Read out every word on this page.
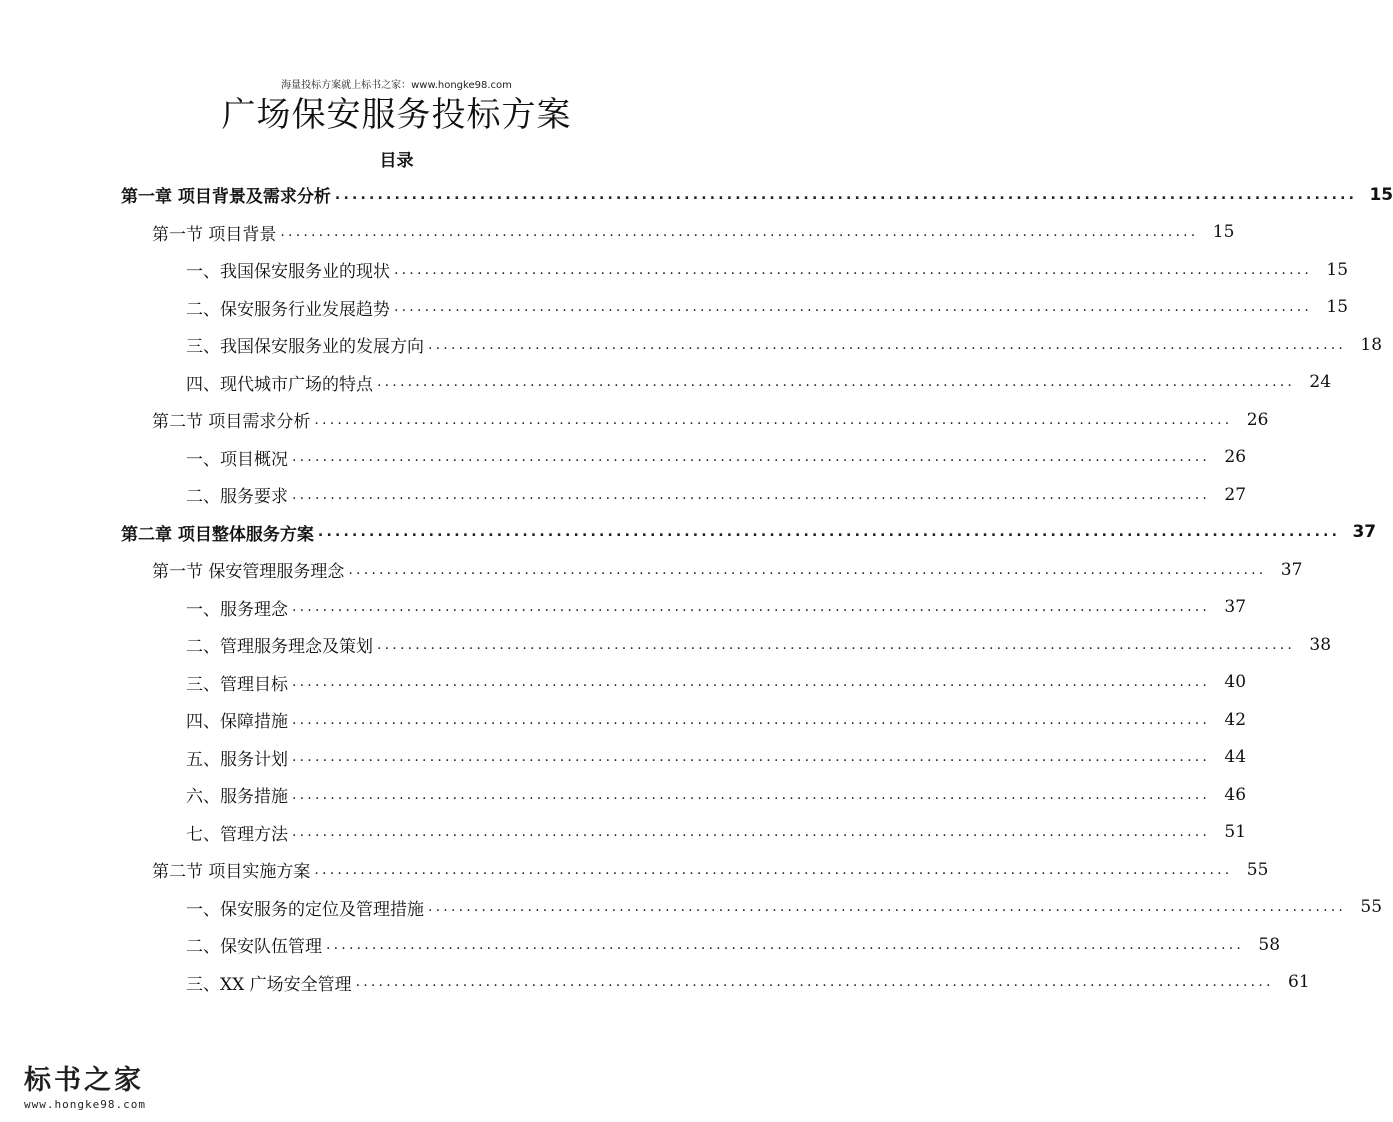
海量投标方案就上标书之家：www.hongke98.com
广场保安服务投标方案
目录
第一章 项目背景及需求分析 ........................................................................................................................ 15
第一节 项目背景 ........................................................................................................................ 15
一、我国保安服务业的现状 ........................................................................................................................ 15
二、保安服务行业发展趋势 ........................................................................................................................ 15
三、我国保安服务业的发展方向 ........................................................................................................................ 18
四、现代城市广场的特点 ........................................................................................................................ 24
第二节 项目需求分析 ........................................................................................................................ 26
一、项目概况 ........................................................................................................................ 26
二、服务要求 ........................................................................................................................ 27
第二章 项目整体服务方案 ........................................................................................................................ 37
第一节 保安管理服务理念 ........................................................................................................................ 37
一、服务理念 ........................................................................................................................ 37
二、管理服务理念及策划 ........................................................................................................................ 38
三、管理目标 ........................................................................................................................ 40
四、保障措施 ........................................................................................................................ 42
五、服务计划 ........................................................................................................................ 44
六、服务措施 ........................................................................................................................ 46
七、管理方法 ........................................................................................................................ 51
第二节 项目实施方案 ........................................................................................................................ 55
一、保安服务的定位及管理措施 ........................................................................................................................ 55
二、保安队伍管理 ........................................................................................................................ 58
三、XX 广场安全管理 ........................................................................................................................ 61
标书之家
www.hongke98.com
